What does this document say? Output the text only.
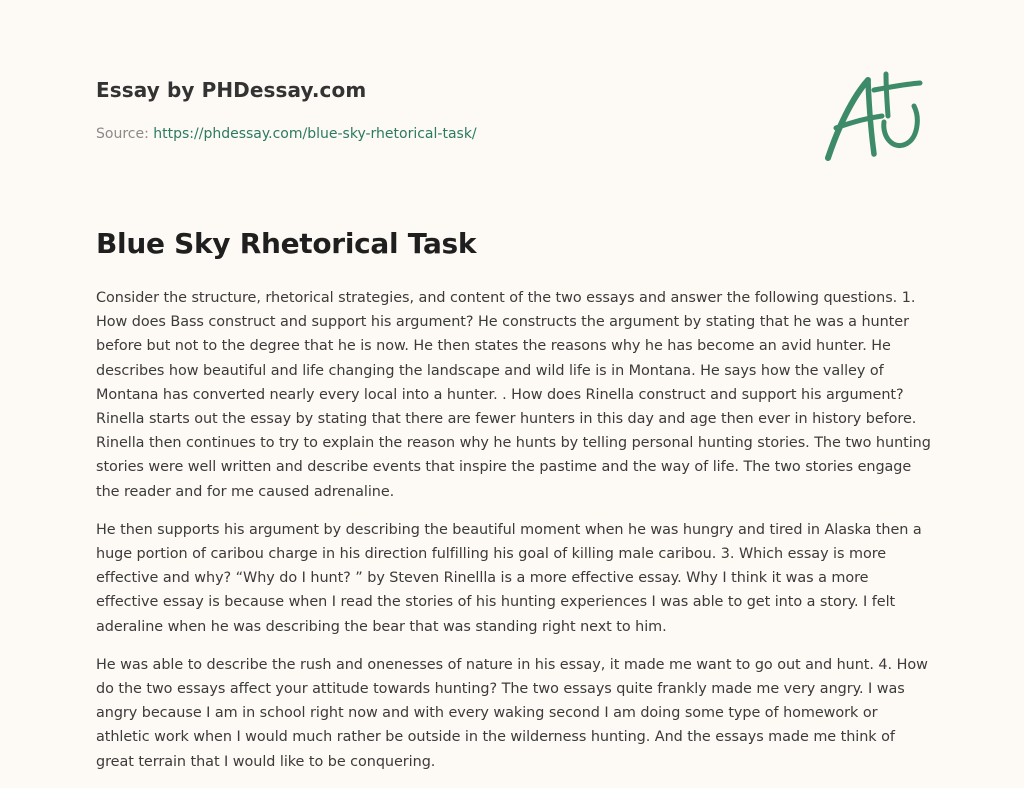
Essay by PHDessay.com
Source: https://phdessay.com/blue-sky-rhetorical-task/
Blue Sky Rhetorical Task

Consider the structure, rhetorical strategies, and content of the two essays and answer the following questions. 1. How does Bass construct and support his argument? He constructs the argument by stating that he was a hunter before but not to the degree that he is now. He then states the reasons why he has become an avid hunter. He describes how beautiful and life changing the landscape and wild life is in Montana. He says how the valley of Montana has converted nearly every local into a hunter. . How does Rinella construct and support his argument? Rinella starts out the essay by stating that there are fewer hunters in this day and age then ever in history before. Rinella then continues to try to explain the reason why he hunts by telling personal hunting stories. The two hunting stories were well written and describe events that inspire the pastime and the way of life. The two stories engage the reader and for me caused adrenaline.

He then supports his argument by describing the beautiful moment when he was hungry and tired in Alaska then a huge portion of caribou charge in his direction fulfilling his goal of killing male caribou. 3. Which essay is more effective and why? “Why do I hunt? ” by Steven Rinellla is a more effective essay. Why I think it was a more effective essay is because when I read the stories of his hunting experiences I was able to get into a story. I felt aderaline when he was describing the bear that was standing right next to him.

He was able to describe the rush and onenesses of nature in his essay, it made me want to go out and hunt. 4. How do the two essays affect your attitude towards hunting? The two essays quite frankly made me very angry. I was angry because I am in school right now and with every waking second I am doing some type of homework or athletic work when I would much rather be outside in the wilderness hunting. And the essays made me think of great terrain that I would like to be conquering.
